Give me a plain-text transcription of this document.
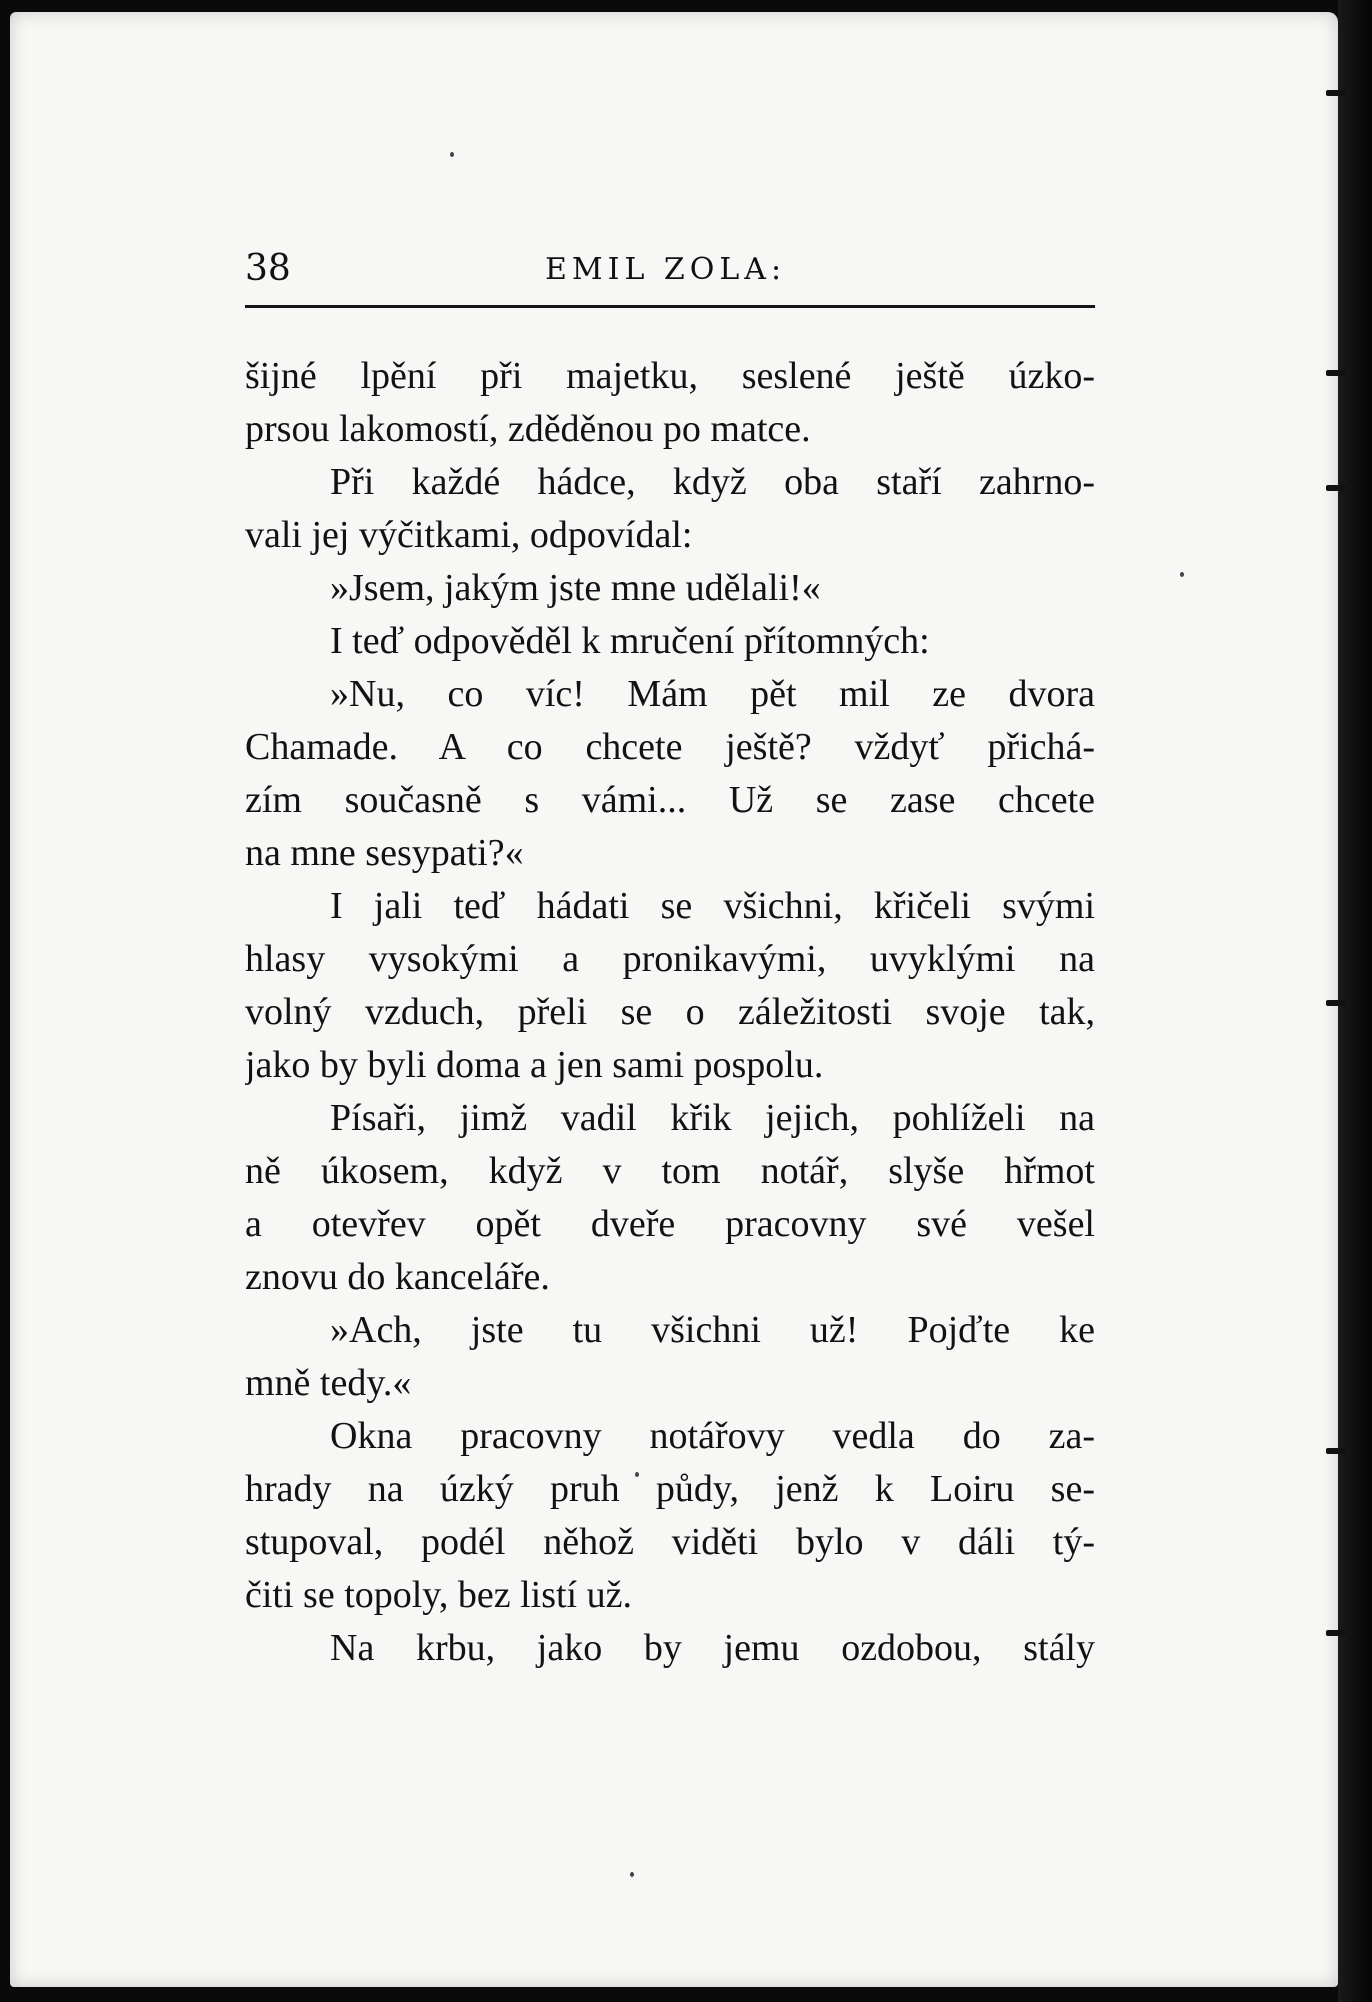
38	EMIL ZOLA:
šijné lpění při majetku, seslené ještě úzko-
prsou lakomostí, zděděnou po matce.
Při každé hádce, když oba staří zahrno-
vali jej výčitkami, odpovídal:
»Jsem, jakým jste mne udělali!«
I teď odpověděl k mručení přítomných:
»Nu, co víc! Mám pět mil ze dvora
Chamade. A co chcete ještě? vždyť přichá-
zím současně s vámi... Už se zase chcete
na mne sesypati?«
I jali teď hádati se všichni, křičeli svými
hlasy vysokými a pronikavými, uvyklými na
volný vzduch, přeli se o záležitosti svoje tak,
jako by byli doma a jen sami pospolu.
Písaři, jimž vadil křik jejich, pohlíželi na
ně úkosem, když v tom notář, slyše hřmot
a otevřev opět dveře pracovny své vešel
znovu do kanceláře.
»Ach, jste tu všichni už! Pojďte ke
mně tedy.«
Okna pracovny notářovy vedla do za-
hrady na úzký pruh půdy, jenž k Loiru se-
stupoval, podél něhož viděti bylo v dáli tý-
čiti se topoly, bez listí už.
Na krbu, jako by jemu ozdobou, stály
